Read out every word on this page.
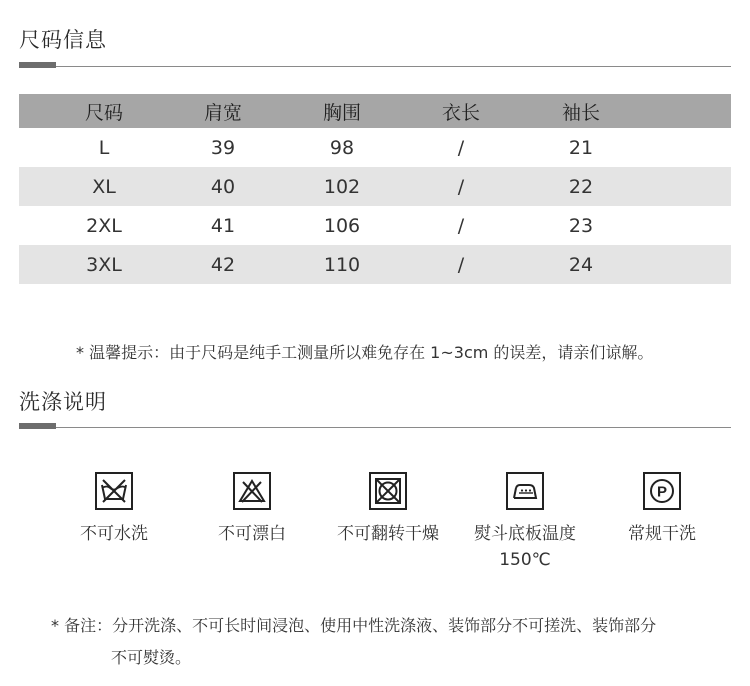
尺码信息
尺码	肩宽	胸围	衣长	袖长
L	39	98	/	21
XL	40	102	/	22
2XL	41	106	/	23
3XL	42	110	/	24
* 温馨提示：由于尺码是纯手工测量所以难免存在 1~3cm 的误差，请亲们谅解。
洗涤说明
不可水洗	不可漂白	不可翻转干燥	熨斗底板温度
150℃
P
常规干洗
* 备注：分开洗涤、不可长时间浸泡、使用中性洗涤液、装饰部分不可搓洗、装饰部分
不可熨烫。
